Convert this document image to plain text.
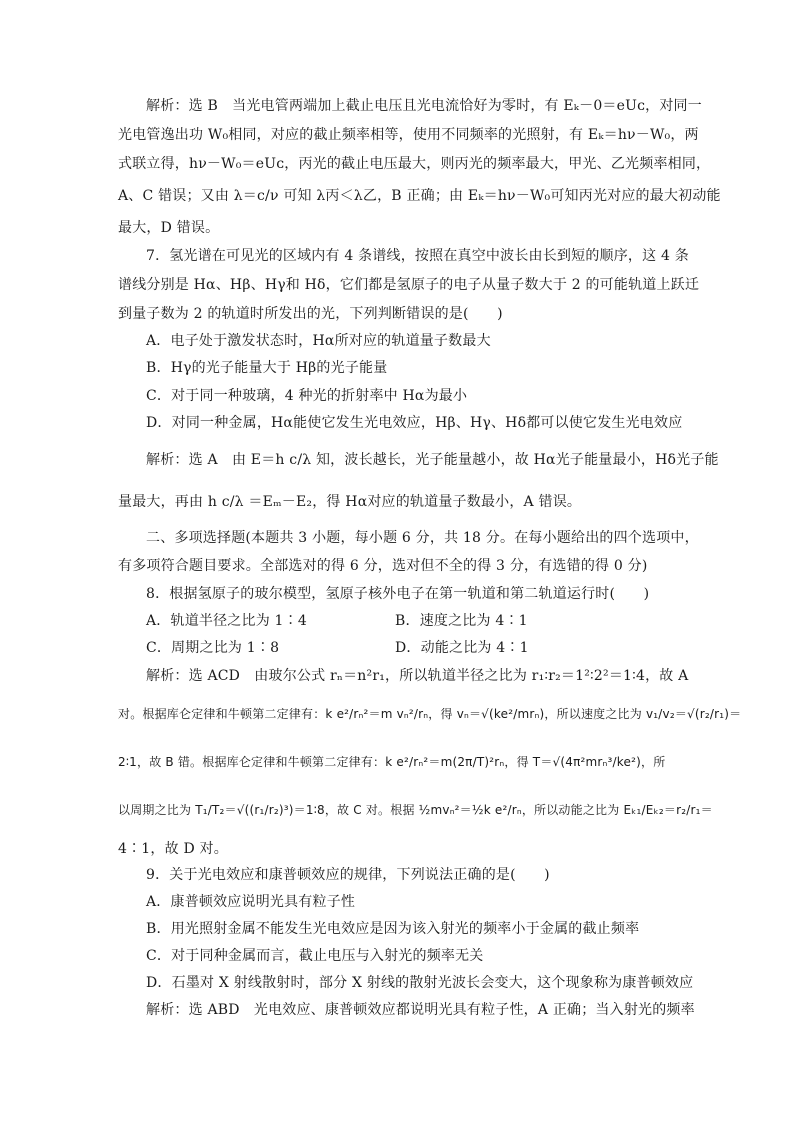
解析：选 B　当光电管两端加上截止电压且光电流恰好为零时，有 Eₖ－0＝eUᴄ，对同一
光电管逸出功 W₀相同，对应的截止频率相等，使用不同频率的光照射，有 Eₖ＝hν－W₀，两
式联立得，hν－W₀＝eUᴄ，丙光的截止电压最大，则丙光的频率最大，甲光、乙光频率相同，
A、C 错误；又由 λ＝c/ν 可知 λ丙＜λ乙，B 正确；由 Eₖ＝hν－W₀可知丙光对应的最大初动能
最大，D 错误。
7．氢光谱在可见光的区域内有 4 条谱线，按照在真空中波长由长到短的顺序，这 4 条
谱线分别是 Hα、Hβ、Hγ和 Hδ，它们都是氢原子的电子从量子数大于 2 的可能轨道上跃迁
到量子数为 2 的轨道时所发出的光，下列判断错误的是(　　)
A．电子处于激发状态时，Hα所对应的轨道量子数最大
B．Hγ的光子能量大于 Hβ的光子能量
C．对于同一种玻璃，4 种光的折射率中 Hα为最小
D．对同一种金属，Hα能使它发生光电效应，Hβ、Hγ、Hδ都可以使它发生光电效应
解析：选 A　由 E＝h c/λ 知，波长越长，光子能量越小，故 Hα光子能量最小，Hδ光子能
量最大，再由 h c/λ ＝Eₘ－E₂，得 Hα对应的轨道量子数最小，A 错误。
二、多项选择题(本题共 3 小题，每小题 6 分，共 18 分。在每小题给出的四个选项中，
有多项符合题目要求。全部选对的得 6 分，选对但不全的得 3 分，有选错的得 0 分)
8．根据氢原子的玻尔模型，氢原子核外电子在第一轨道和第二轨道运行时(　　)
A．轨道半径之比为 1∶4	B．速度之比为 4∶1
C．周期之比为 1∶8	D．动能之比为 4∶1
解析：选 ACD　由玻尔公式 rₙ＝n²r₁，所以轨道半径之比为 r₁∶r₂＝1²∶2²＝1∶4，故 A
对。根据库仑定律和牛顿第二定律有：k e²/rₙ²＝m vₙ²/rₙ，得 vₙ＝√(ke²/mrₙ)，所以速度之比为 v₁/v₂＝√(r₂/r₁)＝
2∶1，故 B 错。根据库仑定律和牛顿第二定律有：k e²/rₙ²＝m(2π/T)²rₙ，得 T＝√(4π²mrₙ³/ke²)，所
以周期之比为 T₁/T₂＝√((r₁/r₂)³)＝1∶8，故 C 对。根据 ½mvₙ²＝½k e²/rₙ，所以动能之比为 Eₖ₁/Eₖ₂＝r₂/r₁＝
4∶1，故 D 对。
9．关于光电效应和康普顿效应的规律，下列说法正确的是(　　)
A．康普顿效应说明光具有粒子性
B．用光照射金属不能发生光电效应是因为该入射光的频率小于金属的截止频率
C．对于同种金属而言，截止电压与入射光的频率无关
D．石墨对 X 射线散射时，部分 X 射线的散射光波长会变大，这个现象称为康普顿效应
解析：选 ABD　光电效应、康普顿效应都说明光具有粒子性，A 正确；当入射光的频率
